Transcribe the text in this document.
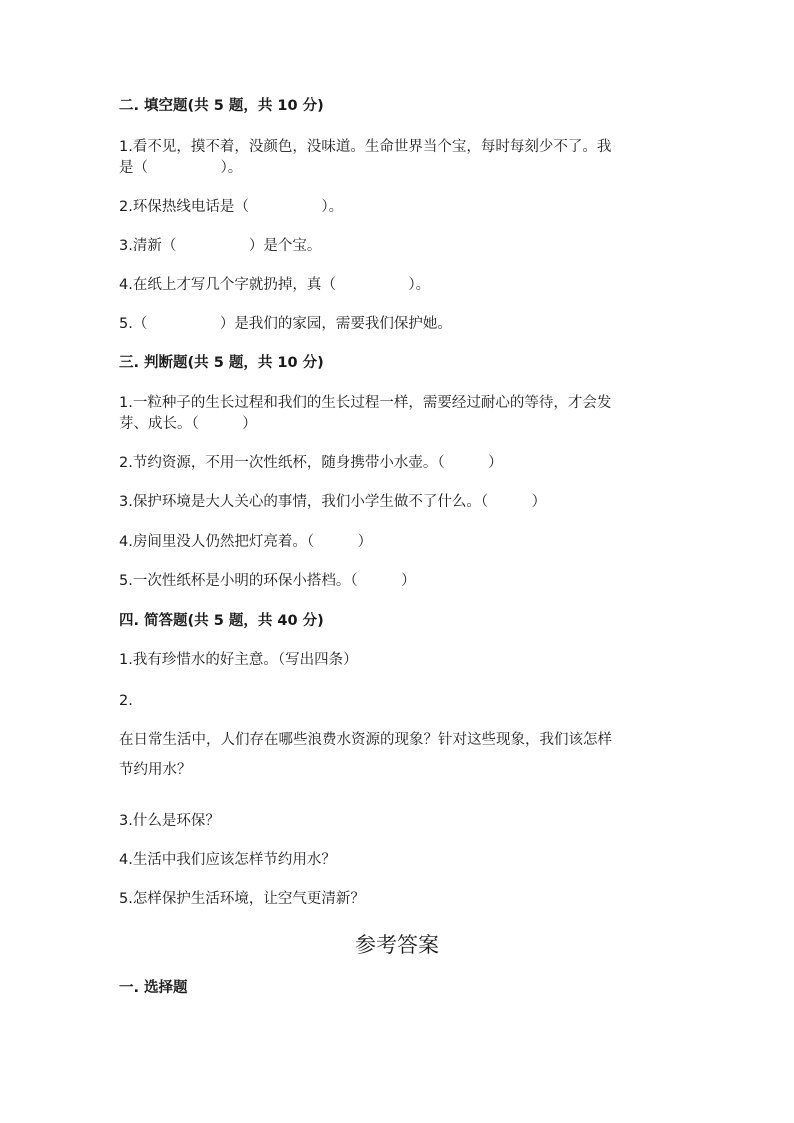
二. 填空题(共 5 题，共 10 分)
1.看不见，摸不着，没颜色，没味道。生命世界当个宝，每时每刻少不了。我
是（　　　　　）。
2.环保热线电话是（　　　　　）。
3.清新（　　　　　）是个宝。
4.在纸上才写几个字就扔掉，真（　　　　　）。
5.（　　　　　）是我们的家园，需要我们保护她。
三. 判断题(共 5 题，共 10 分)
1.一粒种子的生长过程和我们的生长过程一样，需要经过耐心的等待，才会发
芽、成长。（　　　）
2.节约资源，不用一次性纸杯，随身携带小水壶。（　　　）
3.保护环境是大人关心的事情，我们小学生做不了什么。（　　　）
4.房间里没人仍然把灯亮着。（　　　）
5.一次性纸杯是小明的环保小搭档。（　　　）
四. 简答题(共 5 题，共 40 分)
1.我有珍惜水的好主意。（写出四条）
2.
在日常生活中，人们存在哪些浪费水资源的现象？针对这些现象，我们该怎样
节约用水？
3.什么是环保？
4.生活中我们应该怎样节约用水？
5.怎样保护生活环境，让空气更清新？
参考答案
一. 选择题
